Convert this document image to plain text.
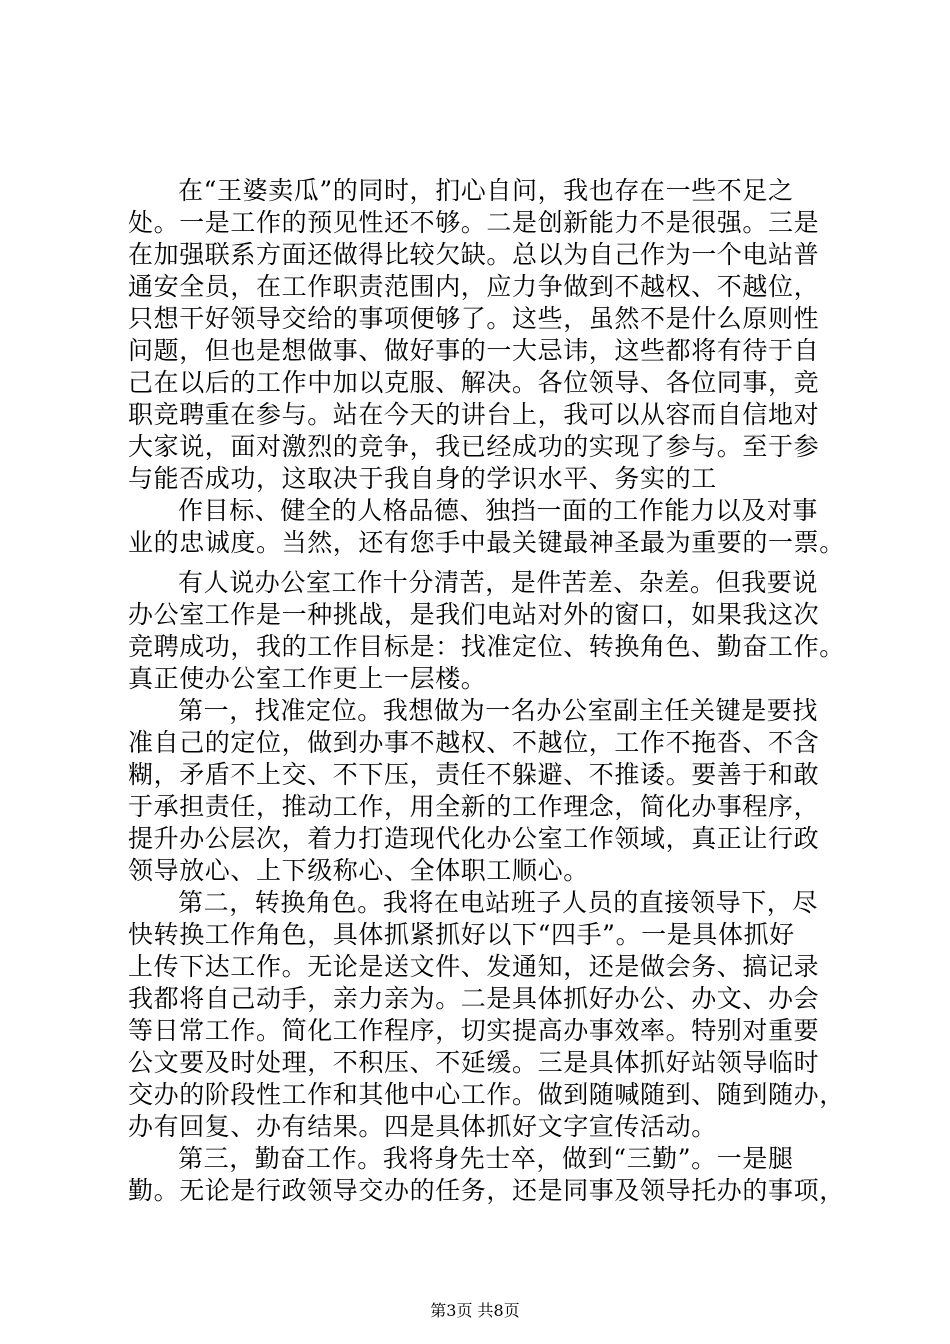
在“王婆卖瓜”的同时，扪心自问，我也存在一些不足之
处。一是工作的预见性还不够。二是创新能力不是很强。三是
在加强联系方面还做得比较欠缺。总以为自己作为一个电站普
通安全员，在工作职责范围内，应力争做到不越权、不越位，
只想干好领导交给的事项便够了。这些，虽然不是什么原则性
问题，但也是想做事、做好事的一大忌讳，这些都将有待于自
己在以后的工作中加以克服、解决。各位领导、各位同事，竞
职竞聘重在参与。站在今天的讲台上，我可以从容而自信地对
大家说，面对激烈的竞争，我已经成功的实现了参与。至于参
与能否成功，这取决于我自身的学识水平、务实的工
作目标、健全的人格品德、独挡一面的工作能力以及对事
业的忠诚度。当然，还有您手中最关键最神圣最为重要的一票。
有人说办公室工作十分清苦，是件苦差、杂差。但我要说
办公室工作是一种挑战，是我们电站对外的窗口，如果我这次
竞聘成功，我的工作目标是：找准定位、转换角色、勤奋工作。
真正使办公室工作更上一层楼。
第一，找准定位。我想做为一名办公室副主任关键是要找
准自己的定位，做到办事不越权、不越位，工作不拖沓、不含
糊，矛盾不上交、不下压，责任不躲避、不推诿。要善于和敢
于承担责任，推动工作，用全新的工作理念，简化办事程序，
提升办公层次，着力打造现代化办公室工作领域，真正让行政
领导放心、上下级称心、全体职工顺心。
第二，转换角色。我将在电站班子人员的直接领导下，尽
快转换工作角色，具体抓紧抓好以下“四手”。一是具体抓好
上传下达工作。无论是送文件、发通知，还是做会务、搞记录
我都将自己动手，亲力亲为。二是具体抓好办公、办文、办会
等日常工作。简化工作程序，切实提高办事效率。特别对重要
公文要及时处理，不积压、不延缓。三是具体抓好站领导临时
交办的阶段性工作和其他中心工作。做到随喊随到、随到随办，
办有回复、办有结果。四是具体抓好文字宣传活动。
第三，勤奋工作。我将身先士卒，做到“三勤”。一是腿
勤。无论是行政领导交办的任务，还是同事及领导托办的事项，
第3页 共8页
